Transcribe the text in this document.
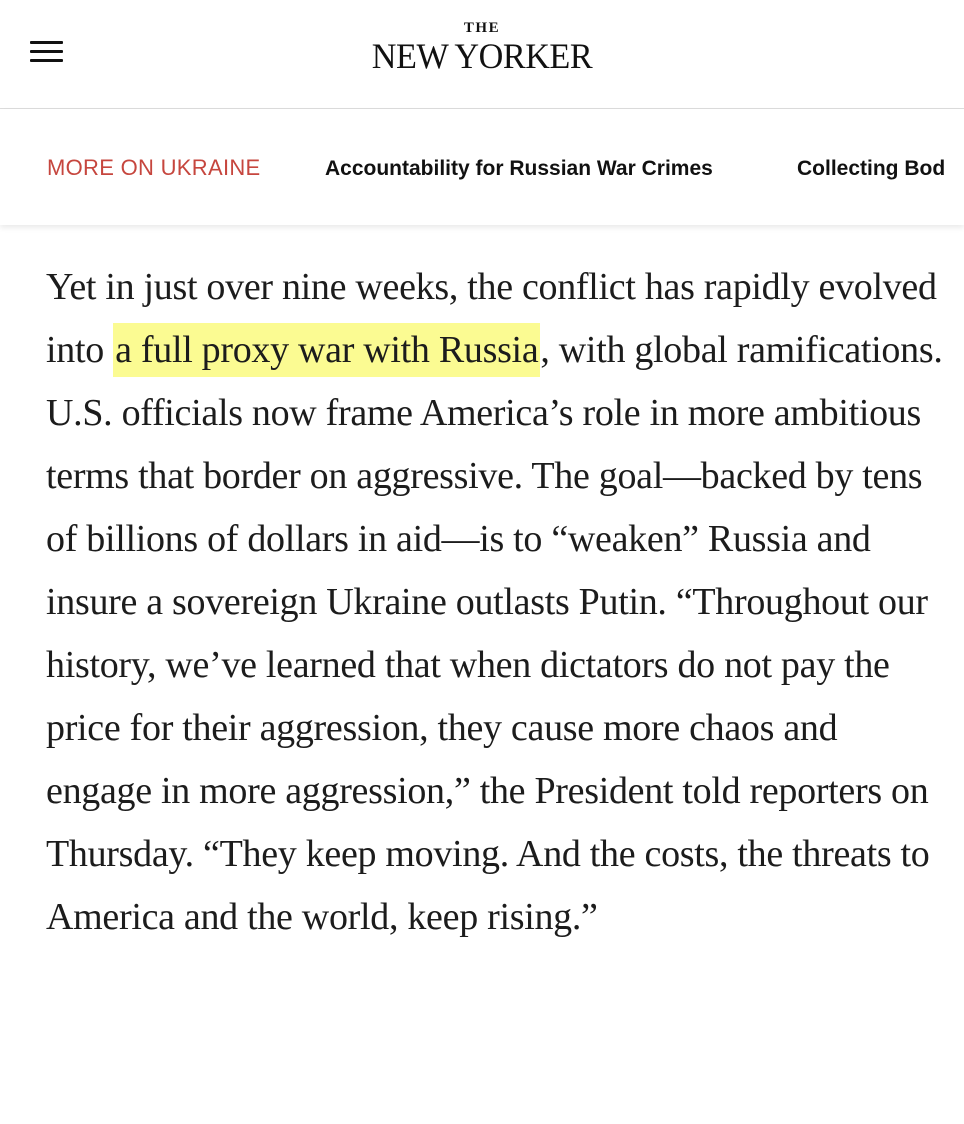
THE
NEW YORKER
MORE ON UKRAINE	Accountability for Russian War Crimes	Collecting Bod

Yet in just over nine weeks, the conflict has rapidly evolved into a full proxy war with Russia, with global ramifications. U.S. officials now frame America’s role in more ambitious terms that border on aggressive. The goal—backed by tens of billions of dollars in aid—is to “weaken” Russia and insure a sovereign Ukraine outlasts Putin. “Throughout our history, we’ve learned that when dictators do not pay the price for their aggression, they cause more chaos and engage in more aggression,” the President told reporters on Thursday. “They keep moving. And the costs, the threats to America and the world, keep rising.”
